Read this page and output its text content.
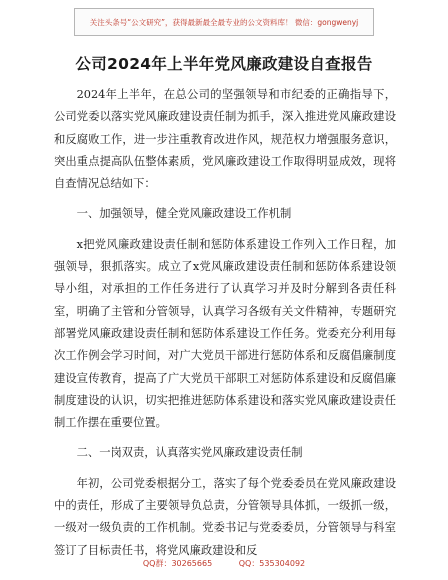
关注头条号“公文研究”，获得最新最全最专业的公文资料库！ 微信：gongwenyj
公司2024年上半年党风廉政建设自查报告

2024年上半年，在总公司的坚强领导和市纪委的正确指导下，公司党委以落实党风廉政建设责任制为抓手，深入推进党风廉政建设和反腐败工作，进一步注重教育改进作风，规范权力增强服务意识，突出重点提高队伍整体素质，党风廉政建设工作取得明显成效，现将自查情况总结如下：

一、加强领导，健全党风廉政建设工作机制

x把党风廉政建设责任制和惩防体系建设工作列入工作日程，加强领导，狠抓落实。成立了x党风廉政建设责任制和惩防体系建设领导小组，对承担的工作任务进行了认真学习并及时分解到各责任科室，明确了主管和分管领导，认真学习各级有关文件精神，专题研究部署党风廉政建设责任制和惩防体系建设工作任务。党委充分利用每次工作例会学习时间，对广大党员干部进行惩防体系和反腐倡廉制度建设宣传教育，提高了广大党员干部职工对惩防体系建设和反腐倡廉制度建设的认识，切实把推进惩防体系建设和落实党风廉政建设责任制工作摆在重要位置。

二、一岗双责，认真落实党风廉政建设责任制

年初，公司党委根据分工，落实了每个党委委员在党风廉政建设中的责任，形成了主要领导负总责，分管领导具体抓，一级抓一级，一级对一级负责的工作机制。党委书记与党委委员，分管领导与科室签订了目标责任书，将党风廉政建设和反

QQ群：30265665	QQ：535304092
